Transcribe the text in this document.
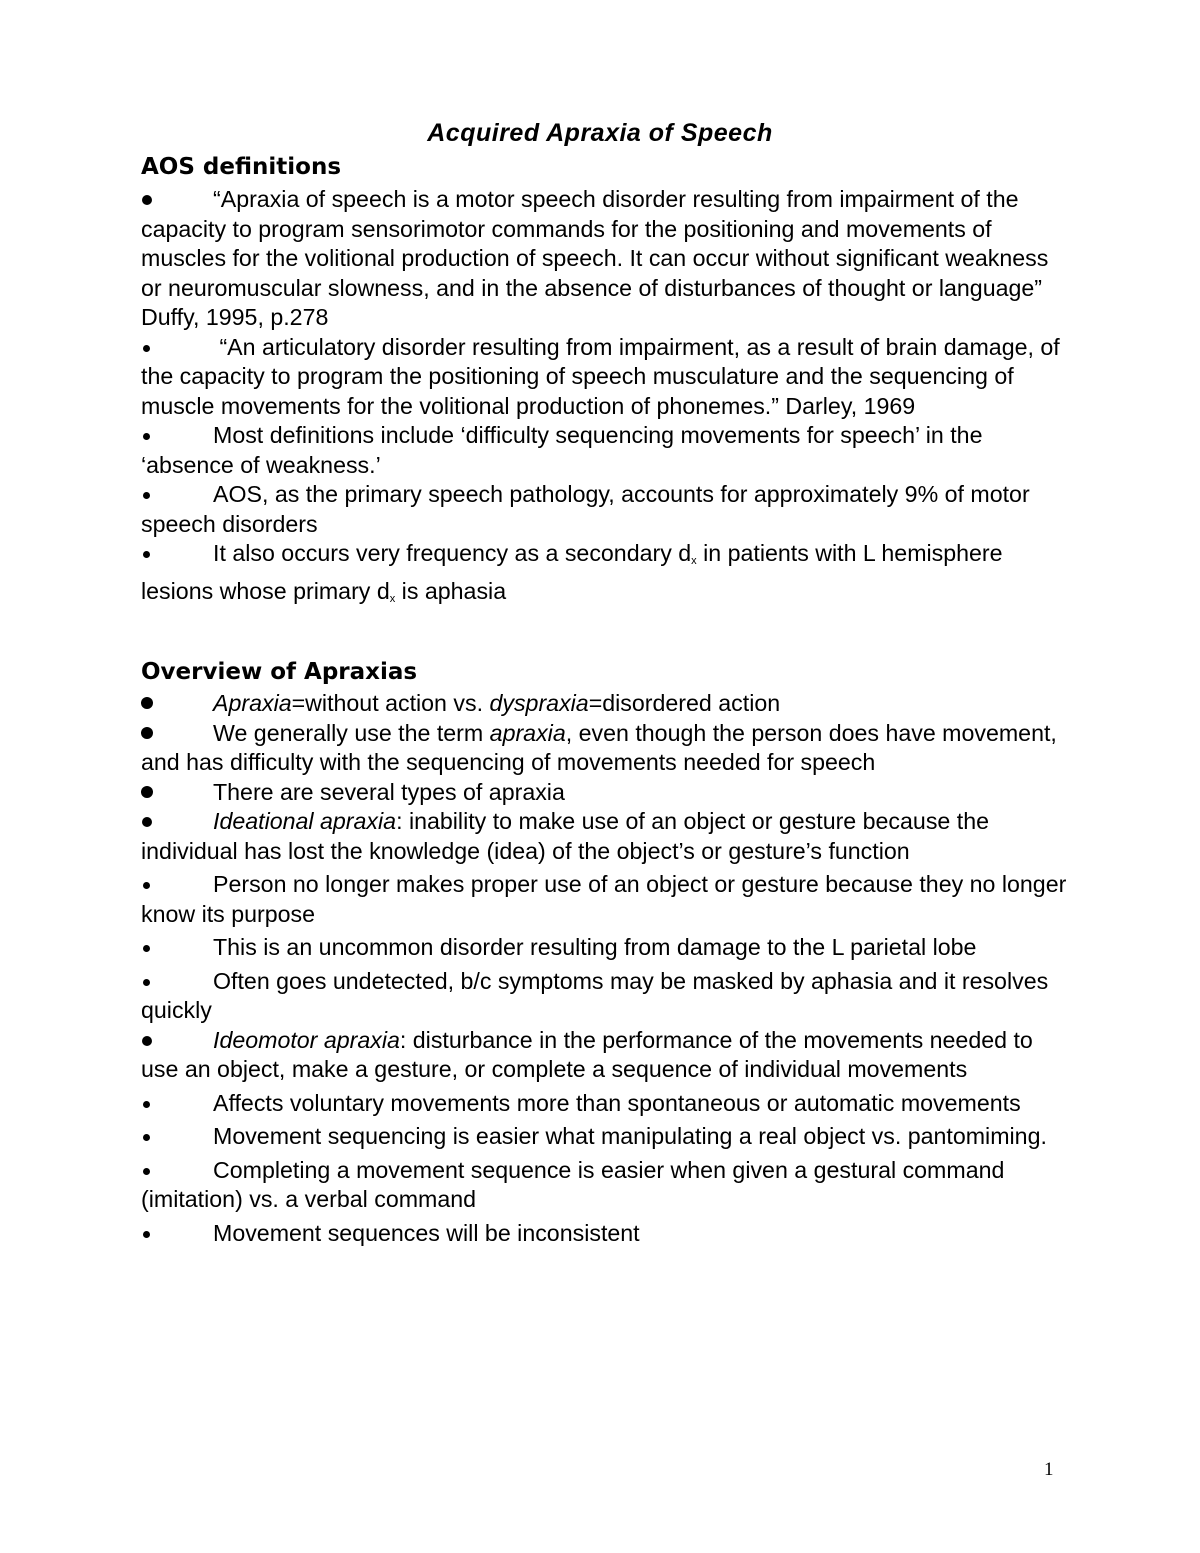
Acquired Apraxia of Speech
AOS definitions

“Apraxia of speech is a motor speech disorder resulting from impairment of the capacity to program sensorimotor commands for the positioning and movements of muscles for the volitional production of speech. It can occur without significant weakness or neuromuscular slowness, and in the absence of disturbances of thought or language” Duffy, 1995, p.278

“An articulatory disorder resulting from impairment, as a result of brain damage, of the capacity to program the positioning of speech musculature and the sequencing of muscle movements for the volitional production of phonemes.” Darley, 1969

Most definitions include ‘difficulty sequencing movements for speech’ in the ‘absence of weakness.’

AOS, as the primary speech pathology, accounts for approximately 9% of motor speech disorders

It also occurs very frequency as a secondary $d_x$ in patients with L hemisphere lesions whose primary $d_x$ is aphasia

Overview of Apraxias

Apraxia=without action vs. dyspraxia=disordered action

We generally use the term apraxia, even though the person does have movement, and has difficulty with the sequencing of movements needed for speech

There are several types of apraxia

Ideational apraxia: inability to make use of an object or gesture because the individual has lost the knowledge (idea) of the object’s or gesture’s function

Person no longer makes proper use of an object or gesture because they no longer know its purpose

This is an uncommon disorder resulting from damage to the L parietal lobe

Often goes undetected, b/c symptoms may be masked by aphasia and it resolves quickly

Ideomotor apraxia: disturbance in the performance of the movements needed to use an object, make a gesture, or complete a sequence of individual movements

Affects voluntary movements more than spontaneous or automatic movements

Movement sequencing is easier what manipulating a real object vs. pantomiming.

Completing a movement sequence is easier when given a gestural command (imitation) vs. a verbal command

Movement sequences will be inconsistent

1
